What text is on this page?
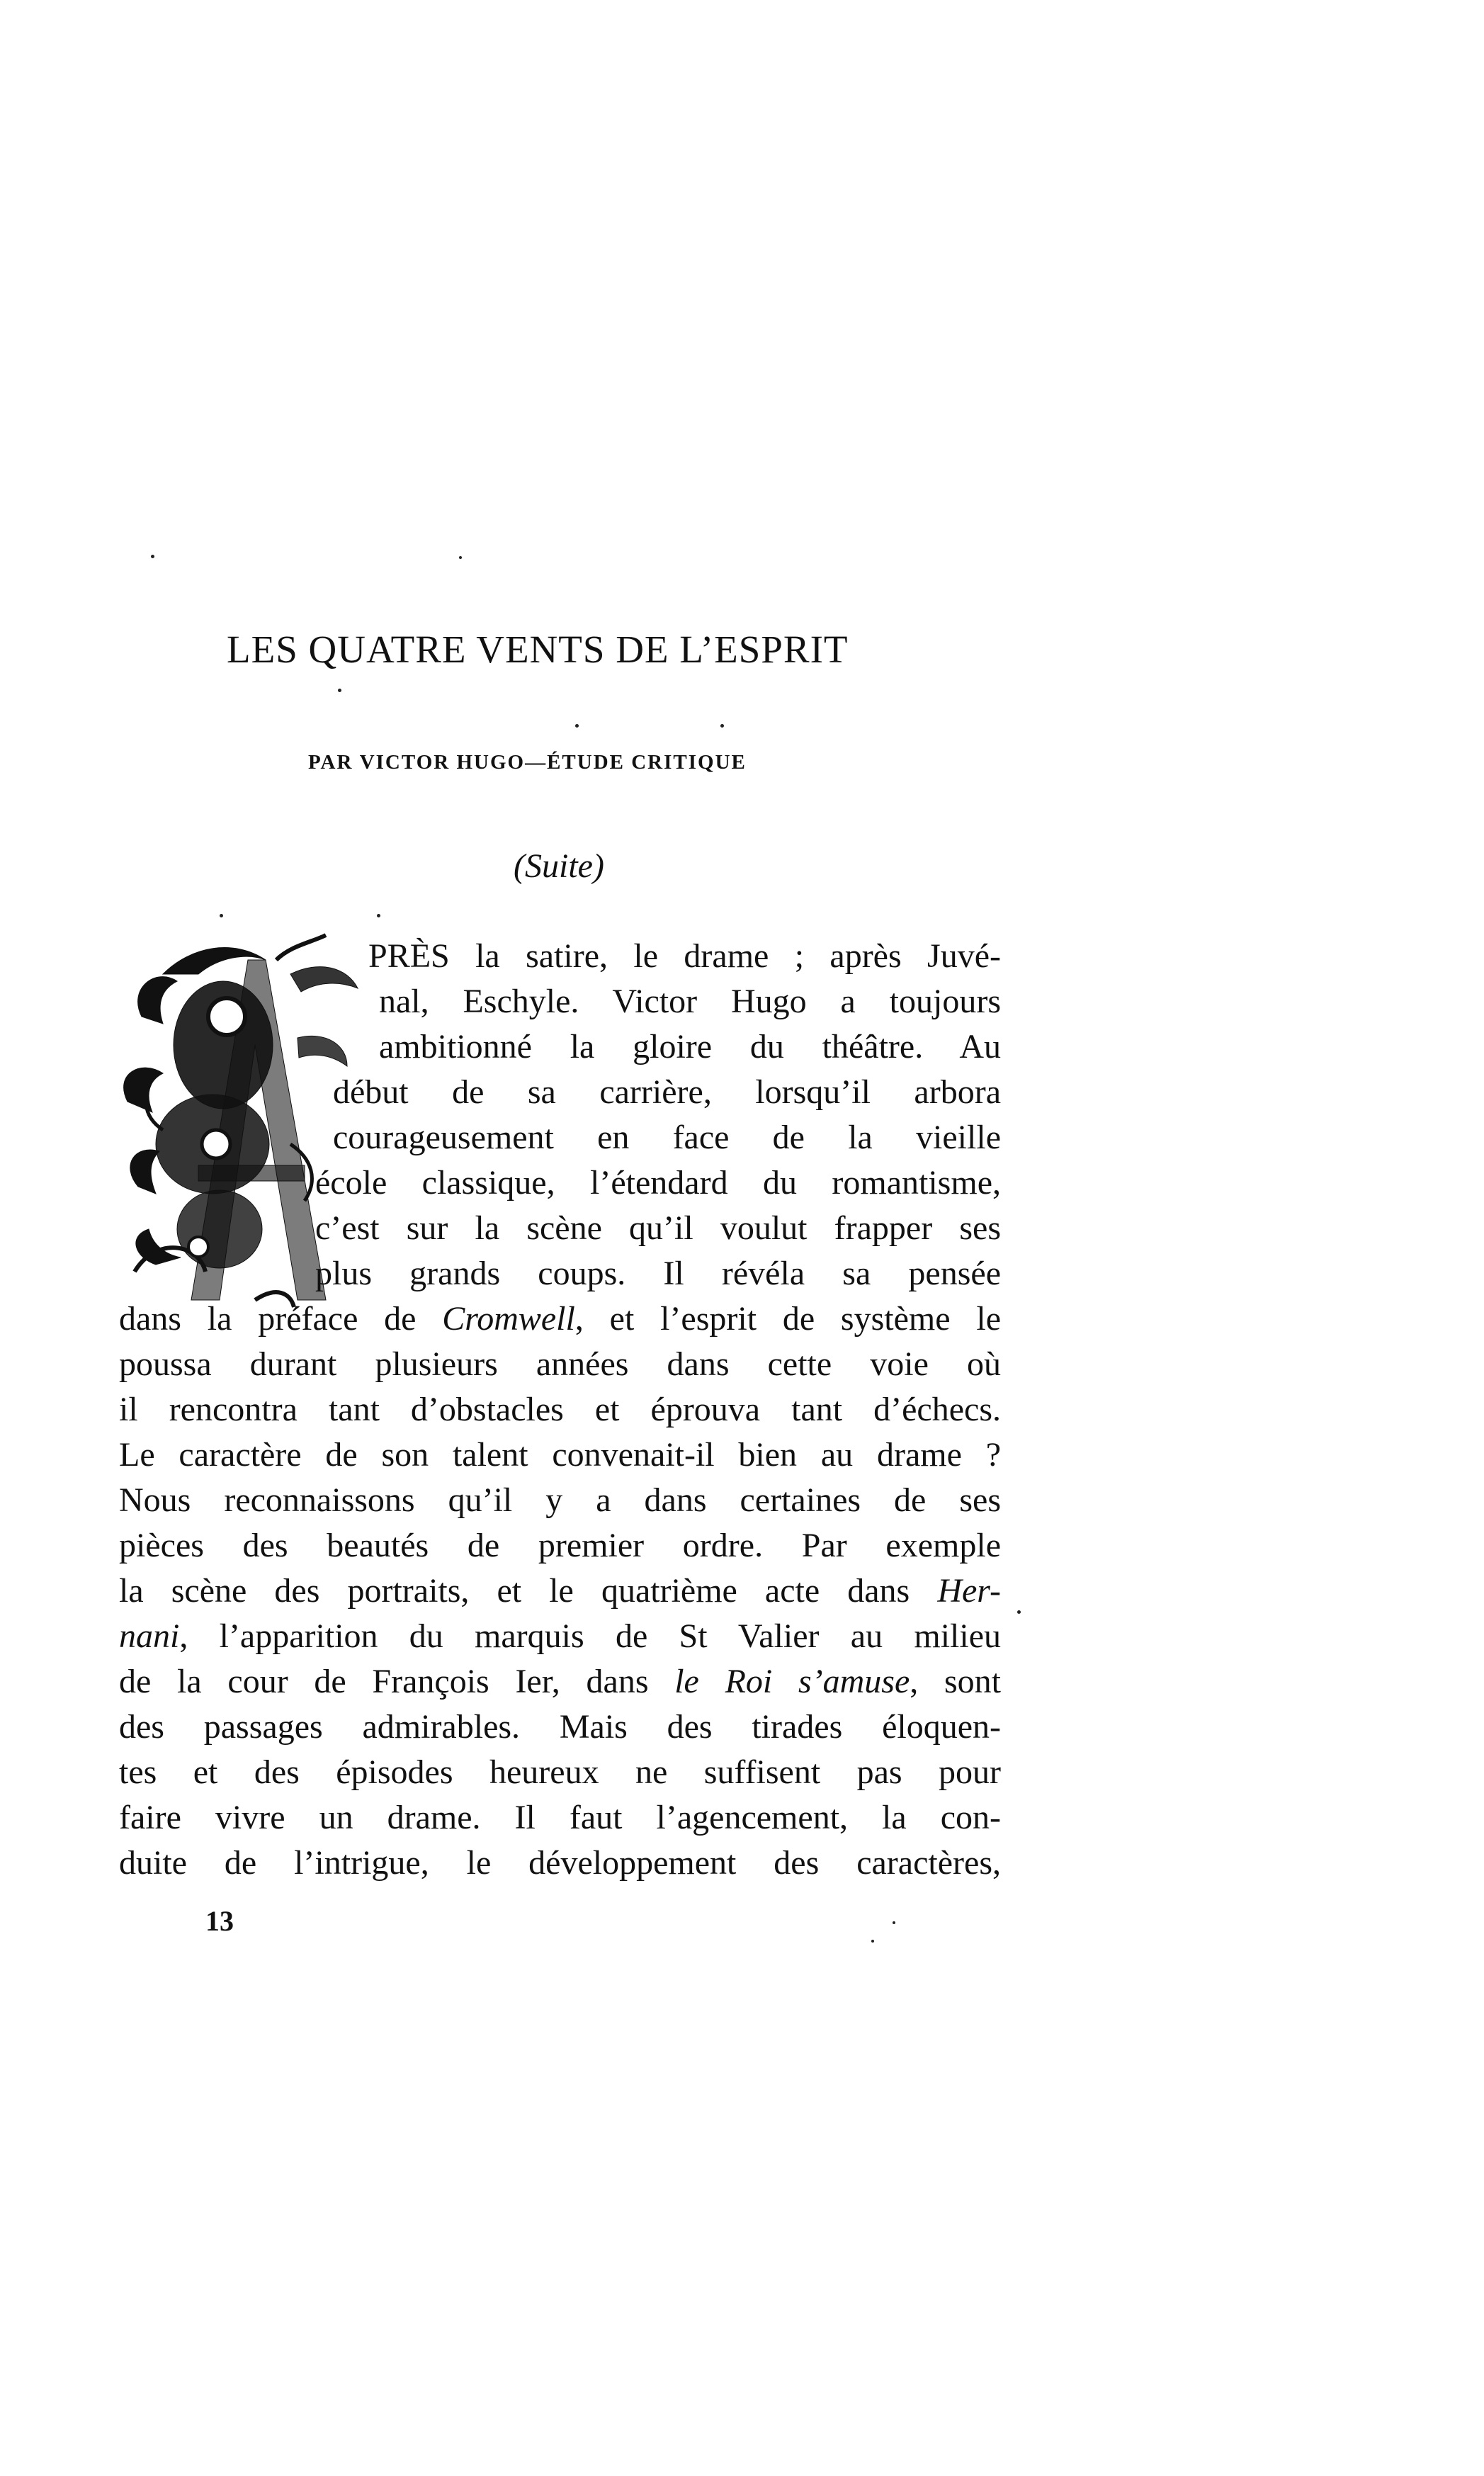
LES QUATRE VENTS DE L’ESPRIT
PAR VICTOR HUGO—ÉTUDE CRITIQUE
(Suite)
PRÈS la satire, le drame ; après Juvé-
nal, Eschyle. Victor Hugo a toujours
ambitionné la gloire du théâtre. Au
début de sa carrière, lorsqu’il arbora
courageusement en face de la vieille
école classique, l’étendard du romantisme,
c’est sur la scène qu’il voulut frapper ses
plus grands coups. Il révéla sa pensée
dans la préface de Cromwell, et l’esprit de système le
poussa durant plusieurs années dans cette voie où
il rencontra tant d’obstacles et éprouva tant d’échecs.
Le caractère de son talent convenait-il bien au drame ?
Nous reconnaissons qu’il y a dans certaines de ses
pièces des beautés de premier ordre. Par exemple
la scène des portraits, et le quatrième acte dans Her-
nani, l’apparition du marquis de St Valier au milieu
de la cour de François Ier, dans le Roi s’amuse, sont
des passages admirables. Mais des tirades éloquen-
tes et des épisodes heureux ne suffisent pas pour
faire vivre un drame. Il faut l’agencement, la con-
duite de l’intrigue, le développement des caractères,
13
